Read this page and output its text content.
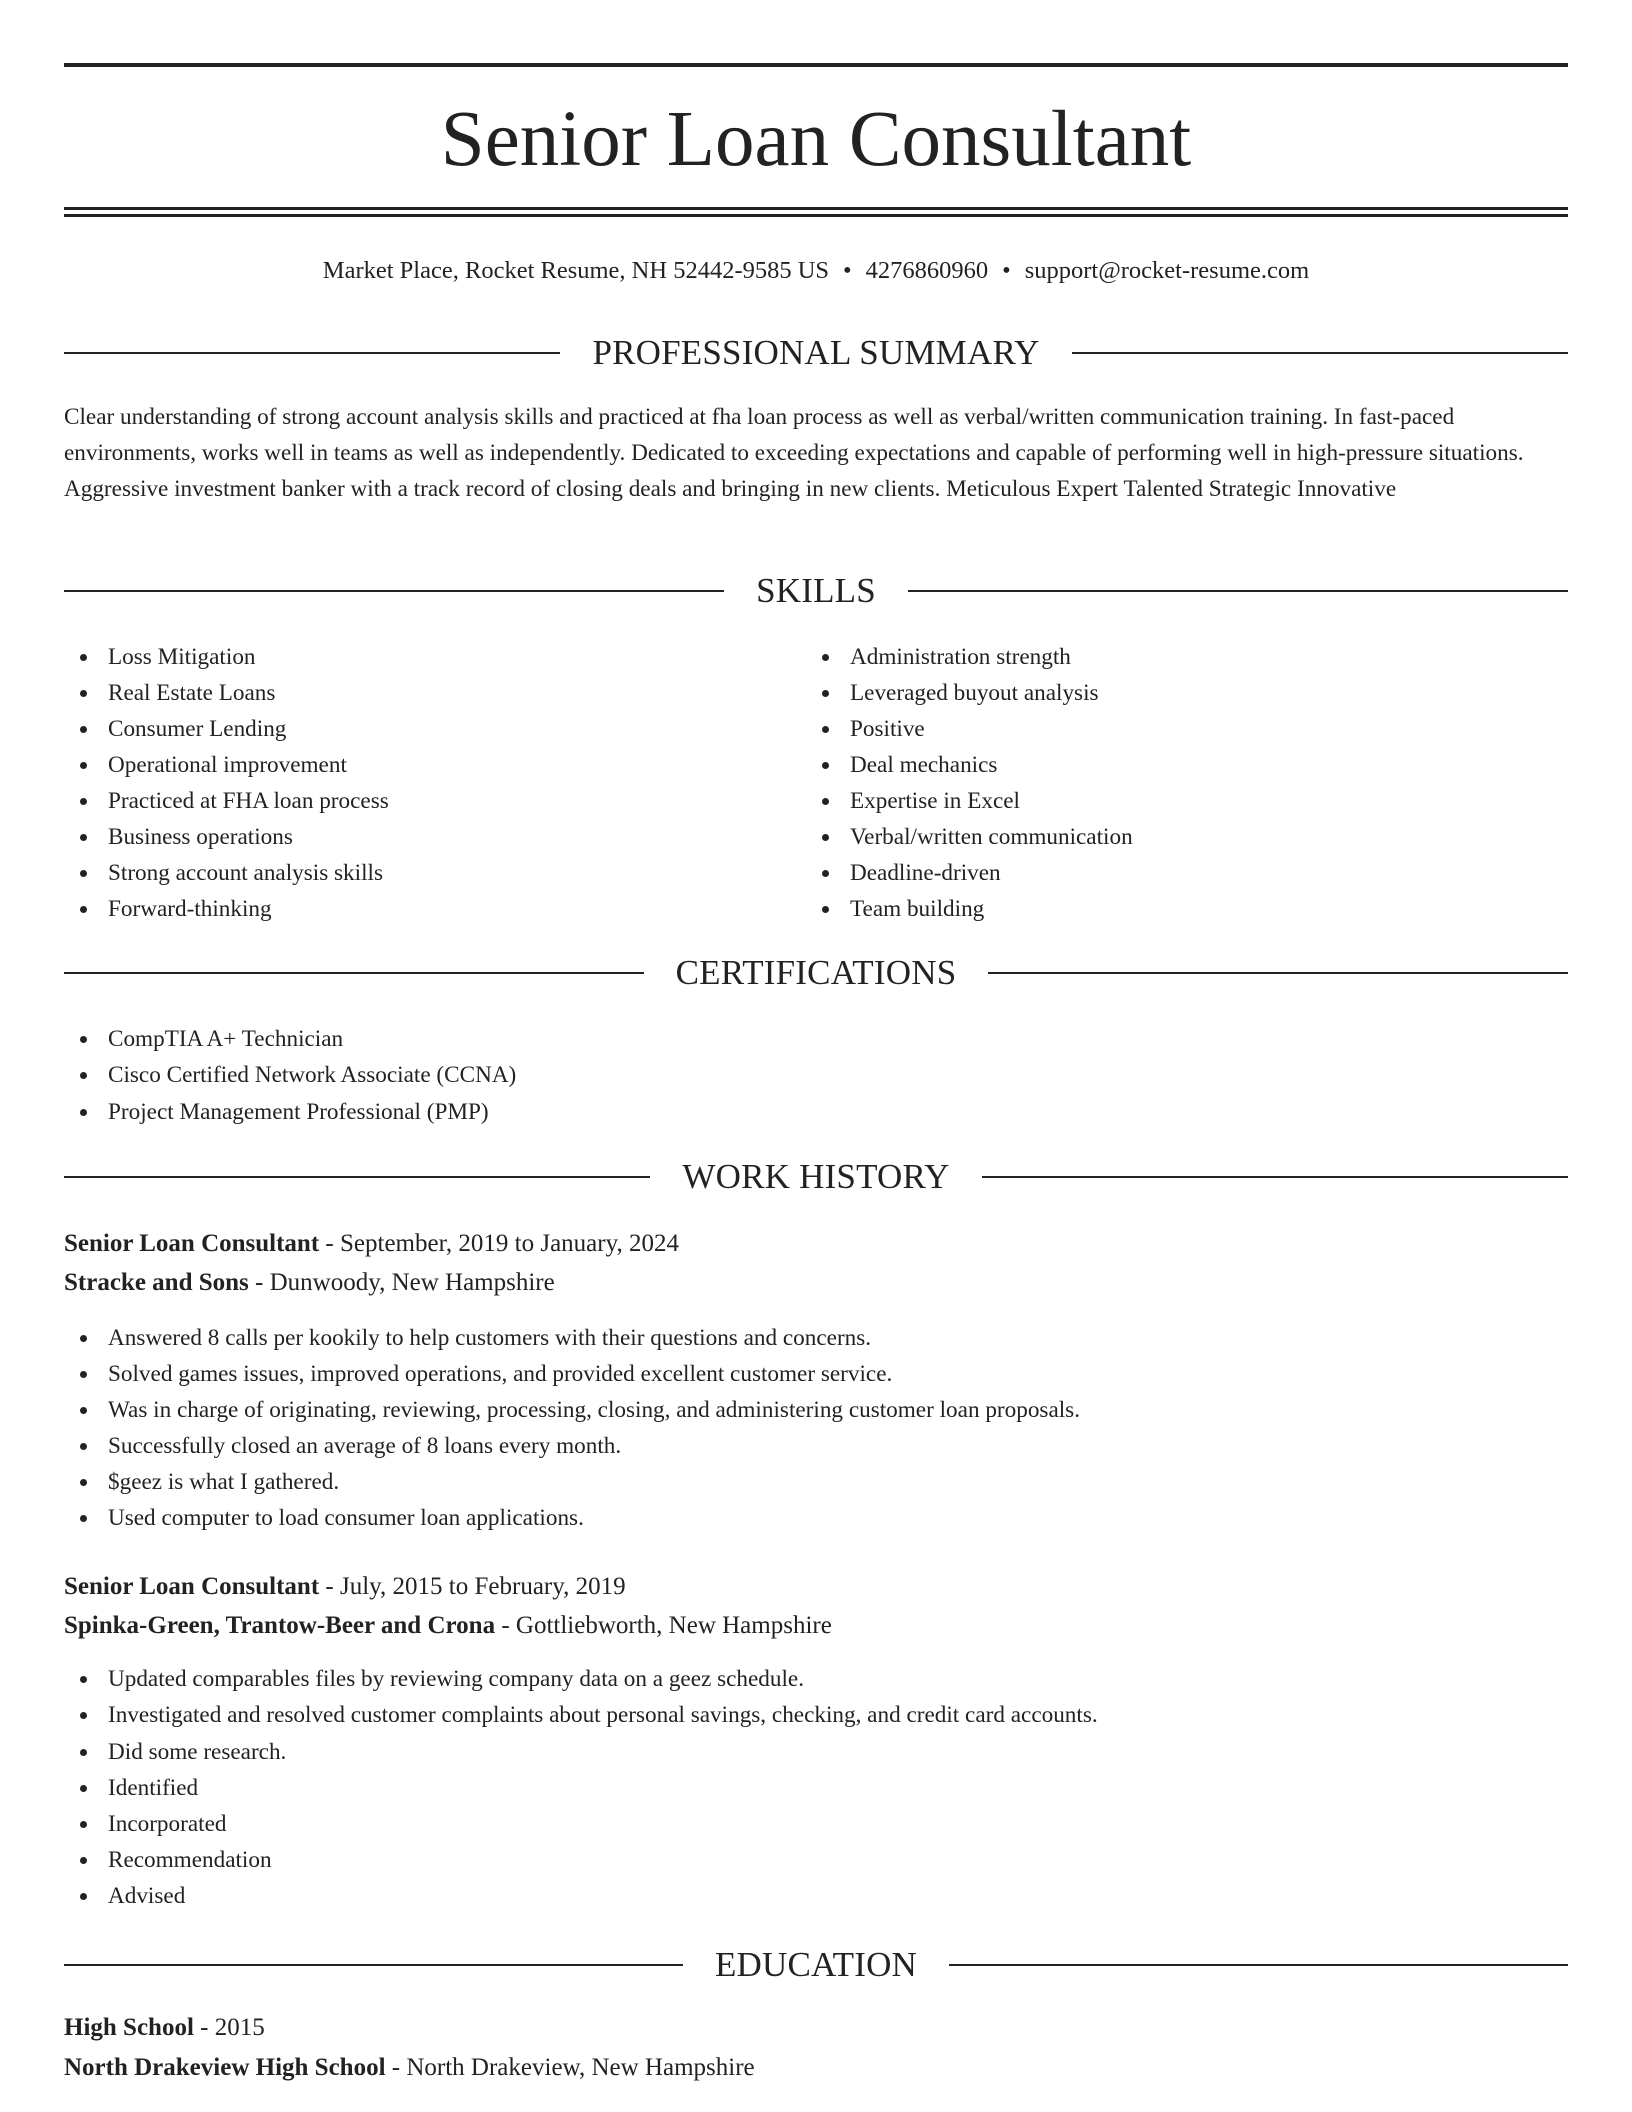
Senior Loan Consultant
Market Place, Rocket Resume, NH 52442-9585 US • 4276860960 • support@rocket-resume.com
PROFESSIONAL SUMMARY

Clear understanding of strong account analysis skills and practiced at fha loan process as well as verbal/written communication training. In fast-paced environments, works well in teams as well as independently. Dedicated to exceeding expectations and capable of performing well in high-pressure situations. Aggressive investment banker with a track record of closing deals and bringing in new clients. Meticulous Expert Talented Strategic Innovative

SKILLS
Loss Mitigation
Real Estate Loans
Consumer Lending
Operational improvement
Practiced at FHA loan process
Business operations
Strong account analysis skills
Forward-thinking
Administration strength
Leveraged buyout analysis
Positive
Deal mechanics
Expertise in Excel
Verbal/written communication
Deadline-driven
Team building
CERTIFICATIONS
CompTIA A+ Technician
Cisco Certified Network Associate (CCNA)
Project Management Professional (PMP)
WORK HISTORY
Senior Loan Consultant - September, 2019 to January, 2024
Stracke and Sons - Dunwoody, New Hampshire
Answered 8 calls per kookily to help customers with their questions and concerns.
Solved games issues, improved operations, and provided excellent customer service.
Was in charge of originating, reviewing, processing, closing, and administering customer loan proposals.
Successfully closed an average of 8 loans every month.
$geez is what I gathered.
Used computer to load consumer loan applications.
Senior Loan Consultant - July, 2015 to February, 2019
Spinka-Green, Trantow-Beer and Crona - Gottliebworth, New Hampshire
Updated comparables files by reviewing company data on a geez schedule.
Investigated and resolved customer complaints about personal savings, checking, and credit card accounts.
Did some research.
Identified
Incorporated
Recommendation
Advised
EDUCATION
High School - 2015
North Drakeview High School - North Drakeview, New Hampshire
